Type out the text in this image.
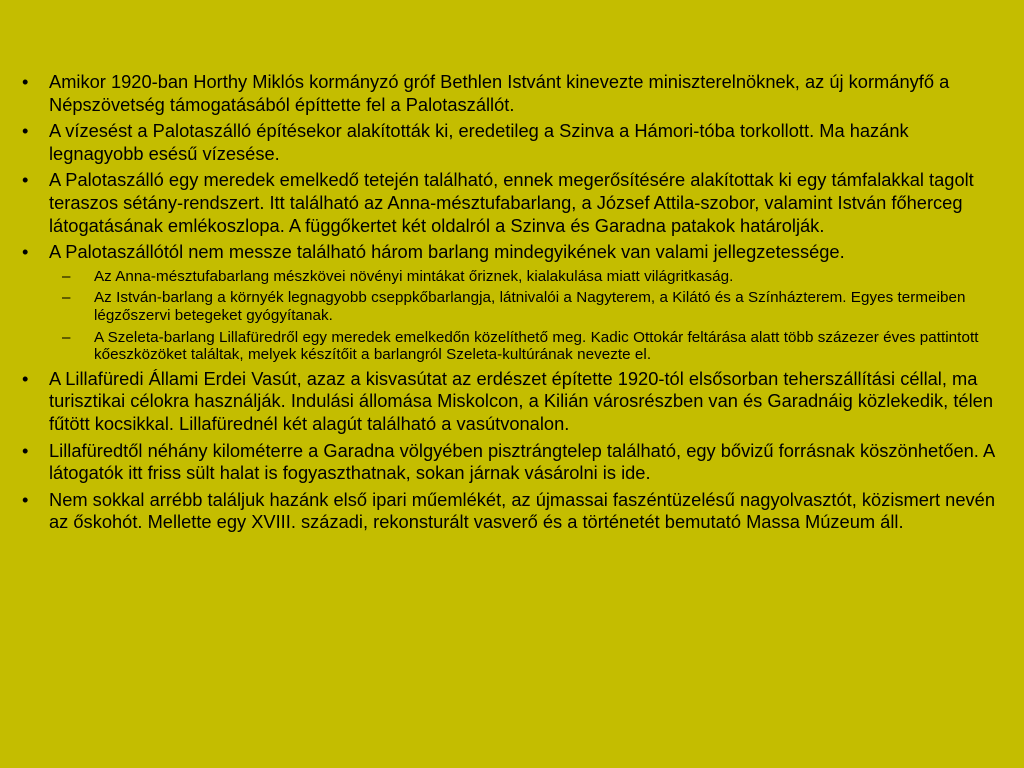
•	Amikor 1920-ban Horthy Miklós kormányzó gróf Bethlen Istvánt kinevezte miniszterelnöknek, az új kormányfő a Népszövetség támogatásából építtette fel a Palotaszállót.
•	A vízesést a Palotaszálló építésekor alakították ki, eredetileg a Szinva a Hámori-tóba torkollott. Ma hazánk legnagyobb esésű vízesése.
•	A Palotaszálló egy meredek emelkedő tetején található, ennek megerősítésére alakítottak ki egy támfalakkal tagolt teraszos sétány-rendszert. Itt található az Anna-mésztufabarlang, a József Attila-szobor, valamint István főherceg látogatásának emlékoszlopa. A függőkertet két oldalról a Szinva és Garadna patakok határolják.
•	A Palotaszállótól nem messze található három barlang mindegyikének van valami jellegzetessége.
–	Az Anna-mésztufabarlang mészkövei növényi mintákat őriznek, kialakulása miatt világritkaság.
–	Az István-barlang a környék legnagyobb cseppkőbarlangja, látnivalói a Nagyterem, a Kilátó és a Színházterem. Egyes termeiben légzőszervi betegeket gyógyítanak.
–	A Szeleta-barlang Lillafüredről egy meredek emelkedőn közelíthető meg. Kadic Ottokár feltárása alatt több százezer éves pattintott kőeszközöket találtak, melyek készítőit a barlangról Szeleta-kultúrának nevezte el.
•	A Lillafüredi Állami Erdei Vasút, azaz a kisvasútat az erdészet építette 1920-tól elsősorban teherszállítási céllal, ma turisztikai célokra használják. Indulási állomása Miskolcon, a Kilián városrészben van és Garadnáig közlekedik, télen fűtött kocsikkal. Lillafürednél két alagút található a vasútvonalon.
•	Lillafüredtől néhány kilométerre a Garadna völgyében pisztrángtelep található, egy bővizű forrásnak köszönhetően. A látogatók itt friss sült halat is fogyaszthatnak, sokan járnak vásárolni is ide.
•	Nem sokkal arrébb találjuk hazánk első ipari műemlékét, az újmassai faszéntüzelésű nagyolvasztót, közismert nevén az őskohót. Mellette egy XVIII. századi, rekonsturált vasverő és a történetét bemutató Massa Múzeum áll.
